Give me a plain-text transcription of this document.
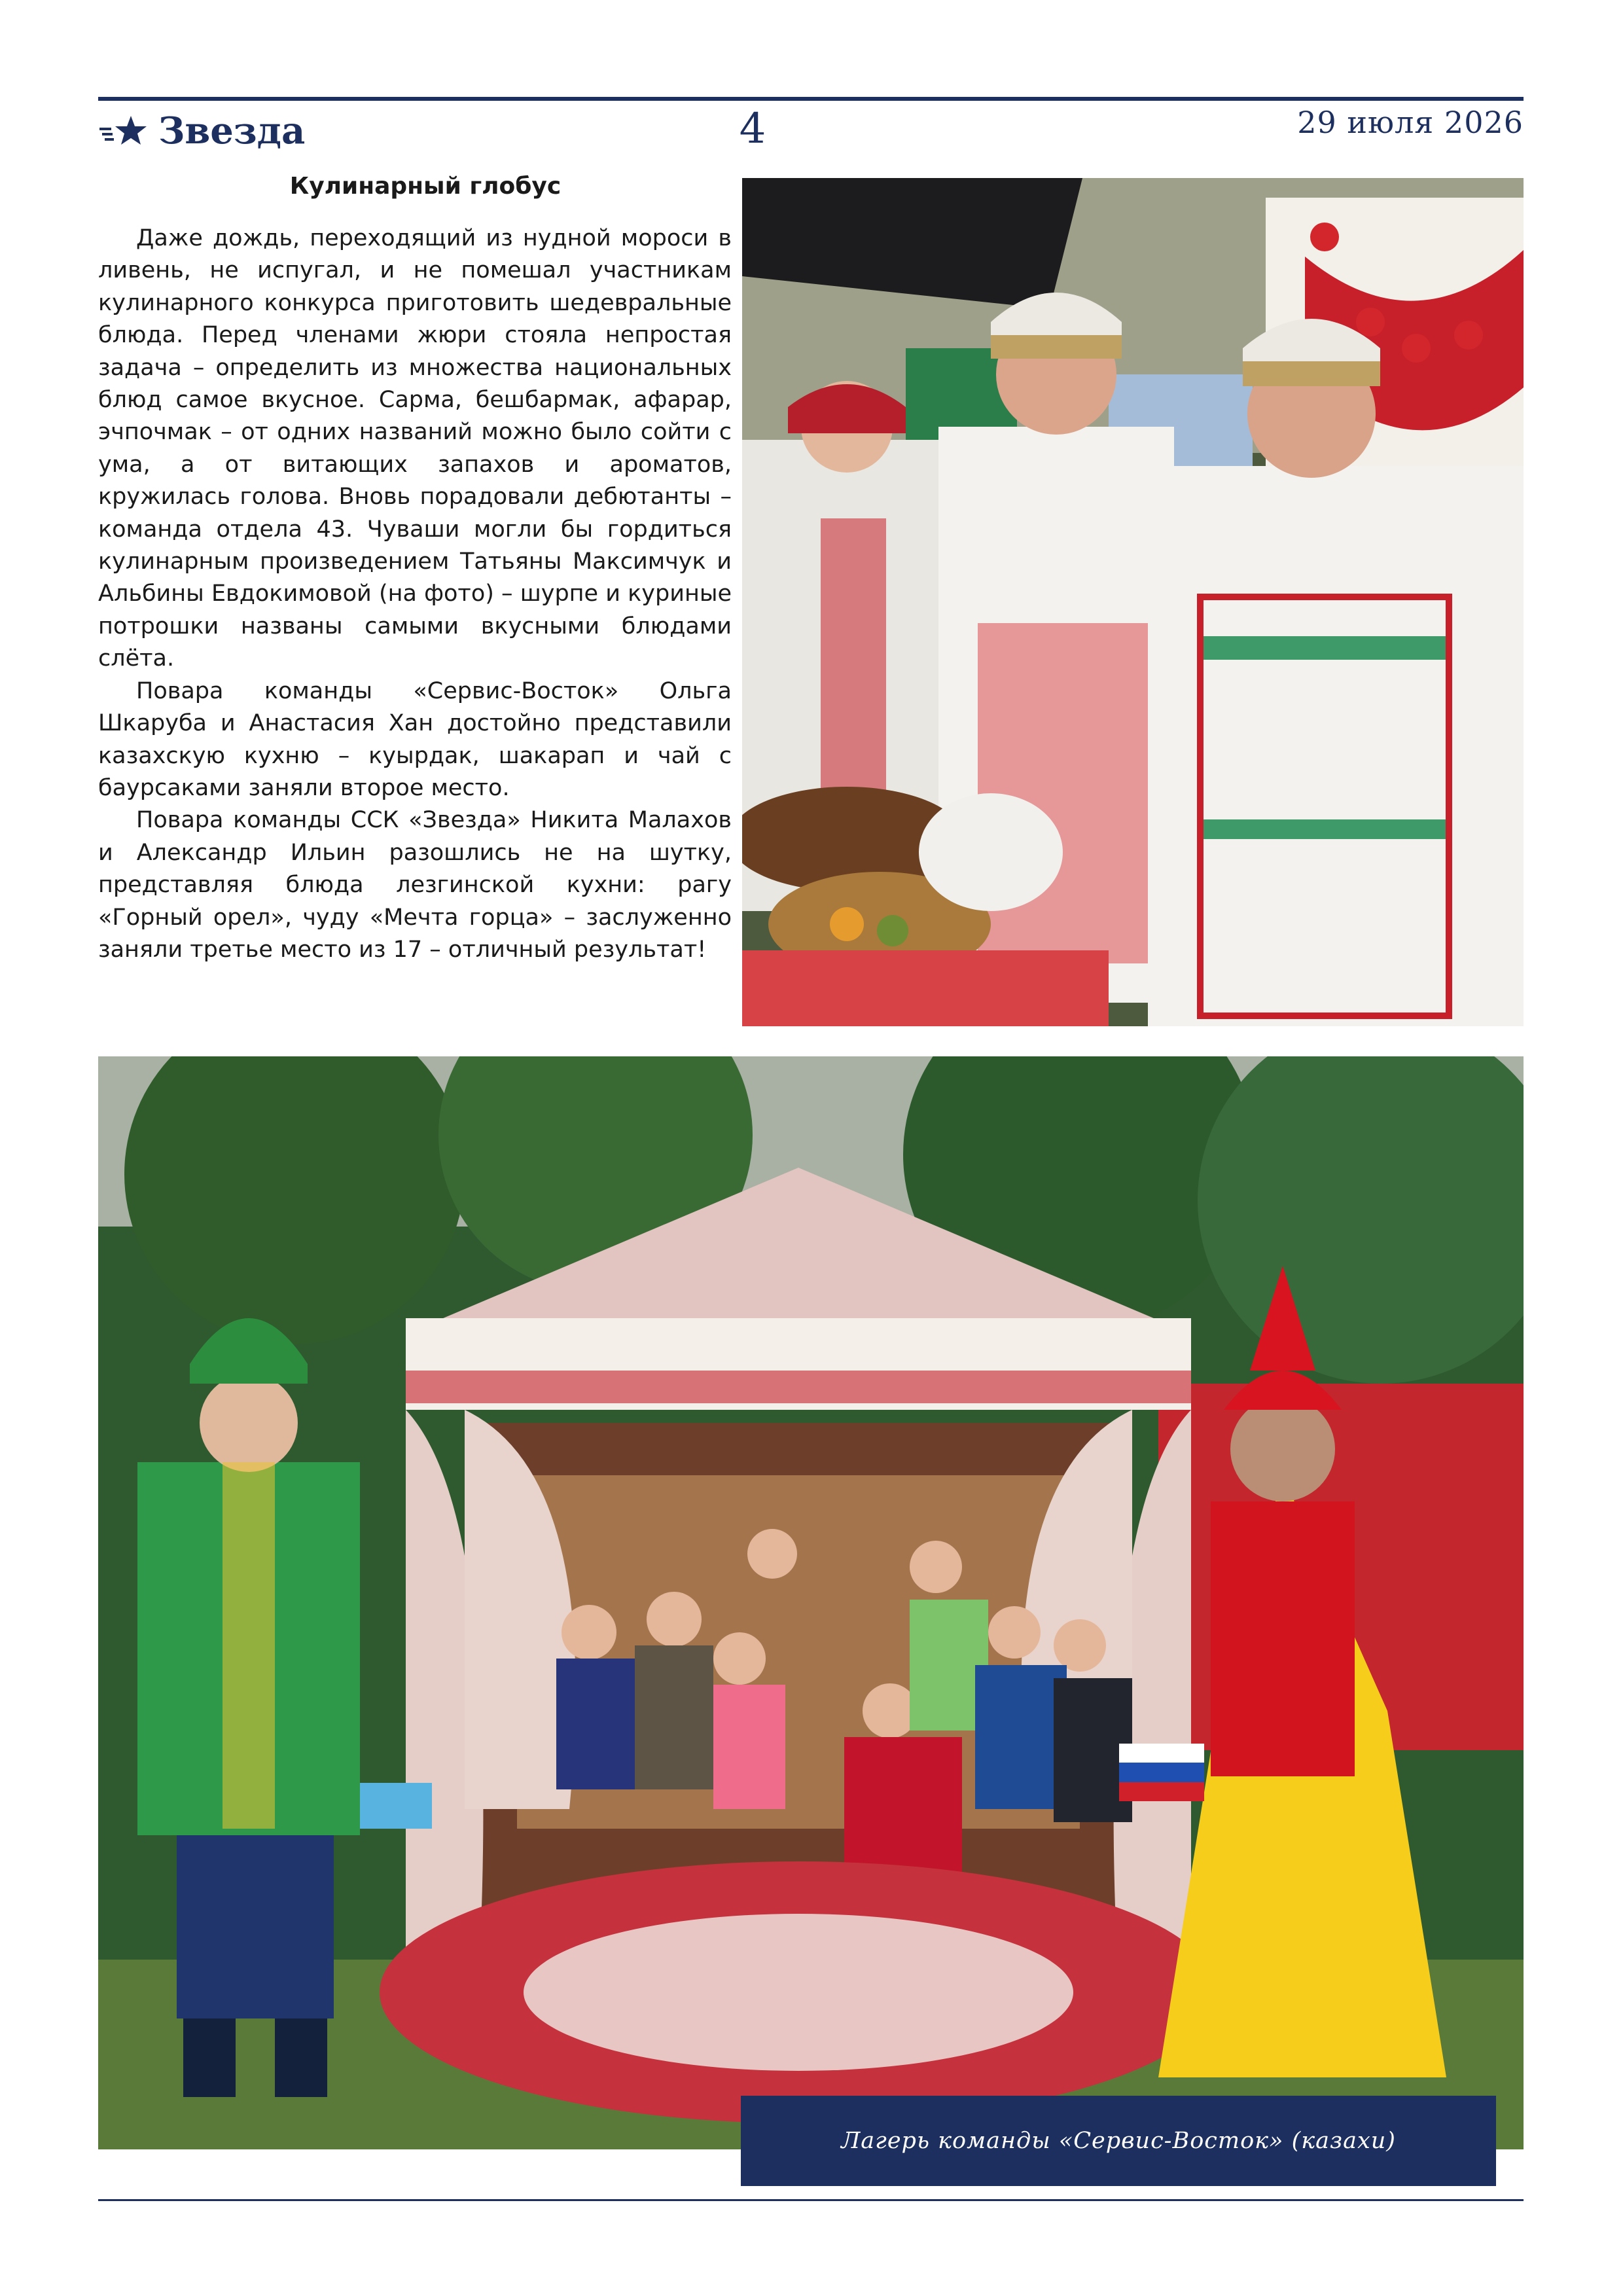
Звезда	4	29 июля 2026
Кулинарный глобус

Даже дождь, переходящий из нудной мороси в ливень, не испугал, и не помешал участникам кулинарного конкурса приготовить шедевральные блюда. Перед членами жюри стояла непростая задача – определить из множества национальных блюд самое вкусное. Сарма, бешбармак, афарар, эчпочмак – от одних названий можно было сойти с ума, а от витающих запахов и ароматов, кружилась голова. Вновь порадовали дебютанты – команда отдела 43. Чуваши могли бы гордиться кулинарным произведением Татьяны Максимчук и Альбины Евдокимовой (на фото) – шурпе и куриные потрошки названы самыми вкусными блюдами слёта.

Повара команды «Сервис-Восток» Ольга Шкаруба и Анастасия Хан достойно представили казахскую кухню – куырдак, шакарап и чай с баурсаками заняли второе место.

Повара команды ССК «Звезда» Никита Малахов и Александр Ильин разошлись не на шутку, представляя блюда лезгинской кухни: рагу «Горный орел», чуду «Мечта горца» – заслуженно заняли третье место из 17 – отличный результат!

Лагерь команды «Сервис-Восток» (казахи)
